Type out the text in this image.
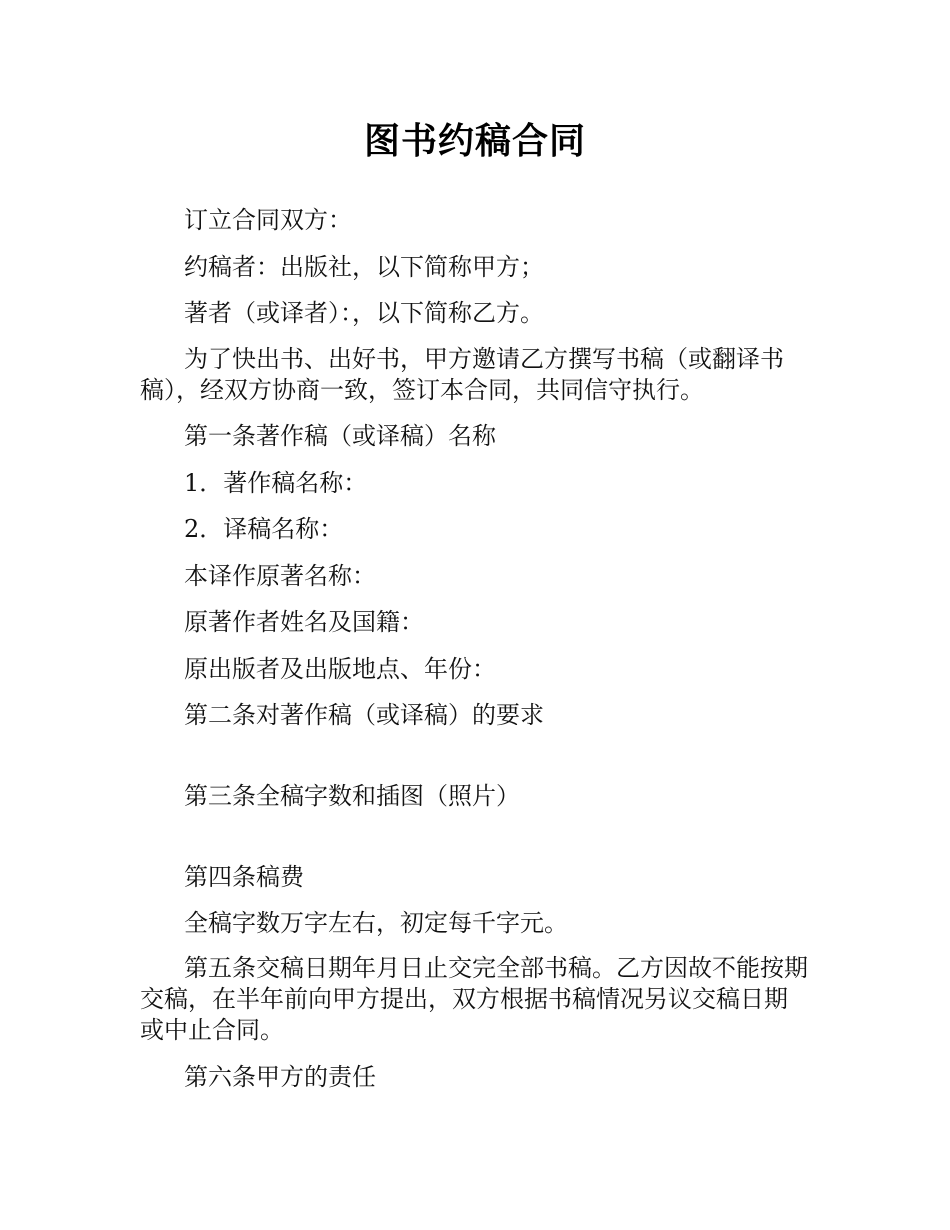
图书约稿合同

订立合同双方：

约稿者：出版社，以下简称甲方；

著者（或译者）：，以下简称乙方。

为了快出书、出好书，甲方邀请乙方撰写书稿（或翻译书稿），经双方协商一致，签订本合同，共同信守执行。

第一条著作稿（或译稿）名称

1．著作稿名称：

2．译稿名称：

本译作原著名称：

原著作者姓名及国籍：

原出版者及出版地点、年份：

第二条对著作稿（或译稿）的要求

第三条全稿字数和插图（照片）

第四条稿费

全稿字数万字左右，初定每千字元。

第五条交稿日期年月日止交完全部书稿。乙方因故不能按期交稿，在半年前向甲方提出，双方根据书稿情况另议交稿日期或中止合同。

第六条甲方的责任
